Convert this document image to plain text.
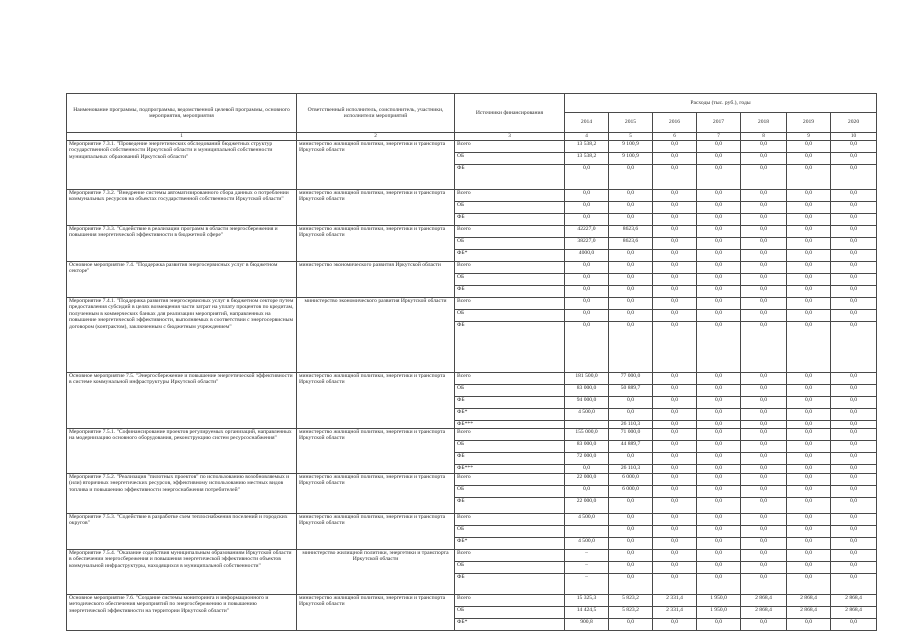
Наименование программы, подпрограммы, ведомственной целевой программы, основного мероприятия, мероприятия	Ответственный исполнитель, соисполнитель, участники, исполнители мероприятий	Источники финансирования	Расходы (тыс. руб.), годы						
			2014	2015	2016	2017	2018	2019	2020
1	2	3	4	5	6	7	8	9	10
Мероприятие 7.3.1. "Проведение энергетических обследований бюджетных структур государственной собственности Иркутской области и муниципальной собственности муниципальных образований Иркутской области"	министерство жилищной политики, энергетики и транспорта Иркутской области	Всего	13 538,2	9 100,9	0,0	0,0	0,0	0,0	0,0
		ОБ	13 538,2	9 100,9	0,0	0,0	0,0	0,0	0,0
		ФБ	0,0	0,0	0,0	0,0	0,0	0,0	0,0
Мероприятие 7.3.2. "Внедрение системы автоматизированного сбора данных о потреблении коммунальных ресурсов на объектах государственной собственности Иркутской области"	министерство жилищной политики, энергетики и транспорта Иркутской области	Всего	0,0	0,0	0,0	0,0	0,0	0,0	0,0
		ОБ	0,0	0,0	0,0	0,0	0,0	0,0	0,0
		ФБ	0,0	0,0	0,0	0,0	0,0	0,0	0,0
Мероприятие 7.3.3. "Содействие в реализации программ в области энергосбережения и повышения энергетической эффективности в бюджетной сфере"	министерство жилищной политики, энергетики и транспорта Иркутской области	Всего	42227,0	8623,6	0,0	0,0	0,0	0,0	0,0
		ОБ	38227,0	8623,6	0,0	0,0	0,0	0,0	0,0
		ФБ*	4000,0	0,0	0,0	0,0	0,0	0,0	0,0
Основное мероприятие 7.4. "Поддержка развития энергосервисных услуг в бюджетном секторе"	министерство экономического развития Иркутской области	Всего	0,0	0,0	0,0	0,0	0,0	0,0	0,0
		ОБ	0,0	0,0	0,0	0,0	0,0	0,0	0,0
		ФБ	0,0	0,0	0,0	0,0	0,0	0,0	0,0
Мероприятие 7.4.1. "Поддержка развития энергосервисных услуг в бюджетном секторе путем предоставления субсидий в целях возмещения части затрат на уплату процентов по кредитам, полученным в коммерческих банках для реализации мероприятий, направленных на повышение энергетической эффективности, выполняемых в соответствии с энергосервисным договором (контрактом), заключенным с бюджетным учреждением"	министерство экономического развития Иркутской области	Всего	0,0	0,0	0,0	0,0	0,0	0,0	0,0
		ОБ	0,0	0,0	0,0	0,0	0,0	0,0	0,0
		ФБ	0,0	0,0	0,0	0,0	0,0	0,0	0,0
Основное мероприятие 7.5. "Энергосбережение и повышение энергетической эффективности в системе коммунальной инфраструктуры Иркутской области"	министерство жилищной политики, энергетики и транспорта Иркутской области	Всего	181 500,0	77 000,0	0,0	0,0	0,0	0,0	0,0
		ОБ	83 000,0	50 889,7	0,0	0,0	0,0	0,0	0,0
		ФБ	94 000,0	0,0	0,0	0,0	0,0	0,0	0,0
		ФБ*	4 500,0	0,0	0,0	0,0	0,0	0,0	0,0
		ФБ***		26 110,3	0,0	0,0	0,0	0,0	0,0
Мероприятие 7.5.1. "Софинансирование проектов регулируемых организаций, направленных на модернизацию основного оборудования, реконструкцию систем ресурсоснабжения"	министерство жилищной политики, энергетики и транспорта Иркутской области	Всего	155 000,0	71 000,0	0,0	0,0	0,0	0,0	0,0
		ОБ	83 000,0	44 889,7	0,0	0,0	0,0	0,0	0,0
		ФБ	72 000,0	0,0	0,0	0,0	0,0	0,0	0,0
		ФБ***	0,0	26 110,3	0,0	0,0	0,0	0,0	0,0
Мероприятие 7.5.2. "Реализация "пилотных проектов" по использованию возобновляемых и (или) вторичных энергетических ресурсов, эффективному использованию местных видов топлива и повышению эффективности энергоснабжения потребителей"	министерство жилищной политики, энергетики и транспорта Иркутской области	Всего	22 000,0	6 000,0	0,0	0,0	0,0	0,0	0,0
		ОБ	0,0	6 000,0	0,0	0,0	0,0	0,0	0,0
		ФБ	22 000,0	0,0	0,0	0,0	0,0	0,0	0,0
Мероприятие 7.5.3. "Содействие в разработке схем теплоснабжения поселений и городских округов"	министерство жилищной политики, энергетики и транспорта Иркутской области	Всего	4 500,0	0,0	0,0	0,0	0,0	0,0	0,0
		ОБ		0,0	0,0	0,0	0,0	0,0	0,0
		ФБ*	4 500,0	0,0	0,0	0,0	0,0	0,0	0,0
Мероприятие 7.5.4. "Оказание содействия муниципальным образованиям Иркутской области в обеспечении энергосбережения и повышения энергетической эффективности объектов коммунальной инфраструктуры, находящихся в муниципальной собственности"	министерство жилищной политики, энергетики и транспорта Иркутской области	Всего	–	0,0	0,0	0,0	0,0	0,0	0,0
		ОБ	–	0,0	0,0	0,0	0,0	0,0	0,0
		ФБ	–	0,0	0,0	0,0	0,0	0,0	0,0
Основное мероприятие 7.6. "Создание системы мониторинга и информационного и методического обеспечения мероприятий по энергосбережению и повышению энергетической эффективности на территории Иркутской области"	министерство жилищной политики, энергетики и транспорта Иркутской области	Всего	15 325,3	5 823,2	2 331,4	1 950,0	2 868,4	2 868,4	2 868,4
		ОБ	14 424,5	5 823,2	2 331,4	1 950,0	2 868,4	2 868,4	2 868,4
		ФБ*	900,8	0,0	0,0	0,0	0,0	0,0	0,0
